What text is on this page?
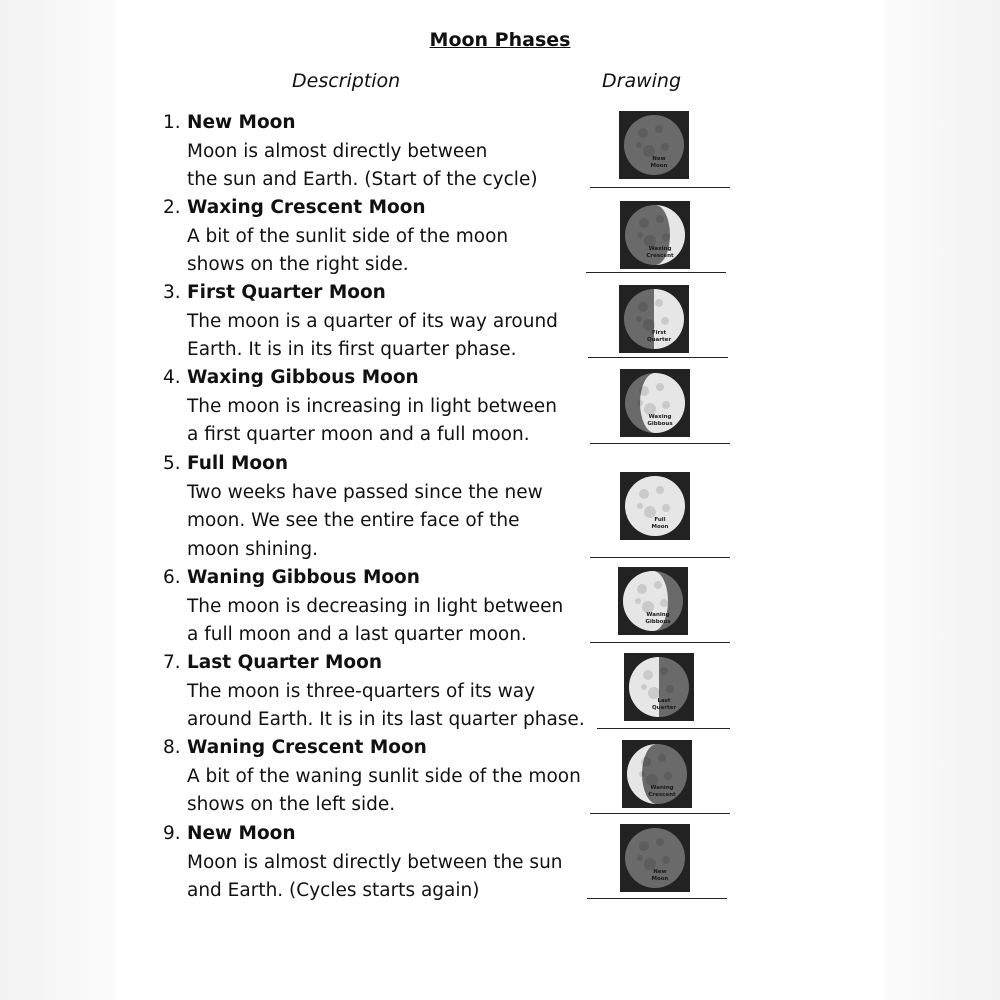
Moon Phases
Description	Drawing
1. New Moon
Moon is almost directly between
the sun and Earth. (Start of the cycle)
2. Waxing Crescent Moon
A bit of the sunlit side of the moon
shows on the right side.
3. First Quarter Moon
The moon is a quarter of its way around
Earth. It is in its first quarter phase.
4. Waxing Gibbous Moon
The moon is increasing in light between
a first quarter moon and a full moon.
5. Full Moon
Two weeks have passed since the new
moon. We see the entire face of the
moon shining.
6. Waning Gibbous Moon
The moon is decreasing in light between
a full moon and a last quarter moon.
7. Last Quarter Moon
The moon is three-quarters of its way
around Earth. It is in its last quarter phase.
8. Waning Crescent Moon
A bit of the waning sunlit side of the moon
shows on the left side.
9. New Moon
Moon is almost directly between the sun
and Earth. (Cycles starts again)
New
Moon
Waxing
Crescent
First
Quarter
Waxing
Gibbous
Full
Moon
Waning
Gibbous
Last
Quarter
Waning
Crescent
New
Moon
